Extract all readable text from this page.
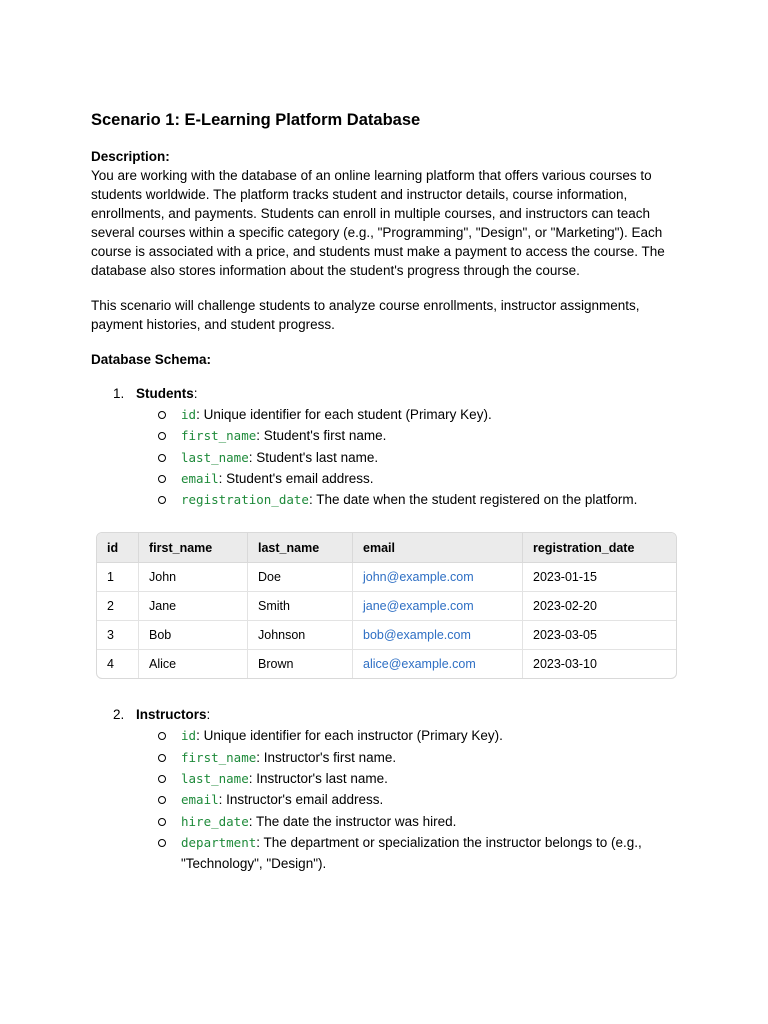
Scenario 1: E-Learning Platform Database
Description:

You are working with the database of an online learning platform that offers various courses to students worldwide. The platform tracks student and instructor details, course information, enrollments, and payments. Students can enroll in multiple courses, and instructors can teach several courses within a specific category (e.g., "Programming", "Design", or "Marketing"). Each course is associated with a price, and students must make a payment to access the course. The database also stores information about the student's progress through the course.

This scenario will challenge students to analyze course enrollments, instructor assignments, payment histories, and student progress.

Database Schema:
1. Students:
id: Unique identifier for each student (Primary Key).
first_name: Student's first name.
last_name: Student's last name.
email: Student's email address.
registration_date: The date when the student registered on the platform.
id	first_name	last_name	email	registration_date
1	John	Doe	john@example.com	2023-01-15
2	Jane	Smith	jane@example.com	2023-02-20
3	Bob	Johnson	bob@example.com	2023-03-05
4	Alice	Brown	alice@example.com	2023-03-10
2. Instructors:
id: Unique identifier for each instructor (Primary Key).
first_name: Instructor's first name.
last_name: Instructor's last name.
email: Instructor's email address.
hire_date: The date the instructor was hired.
department: The department or specialization the instructor belongs to (e.g., "Technology", "Design").
